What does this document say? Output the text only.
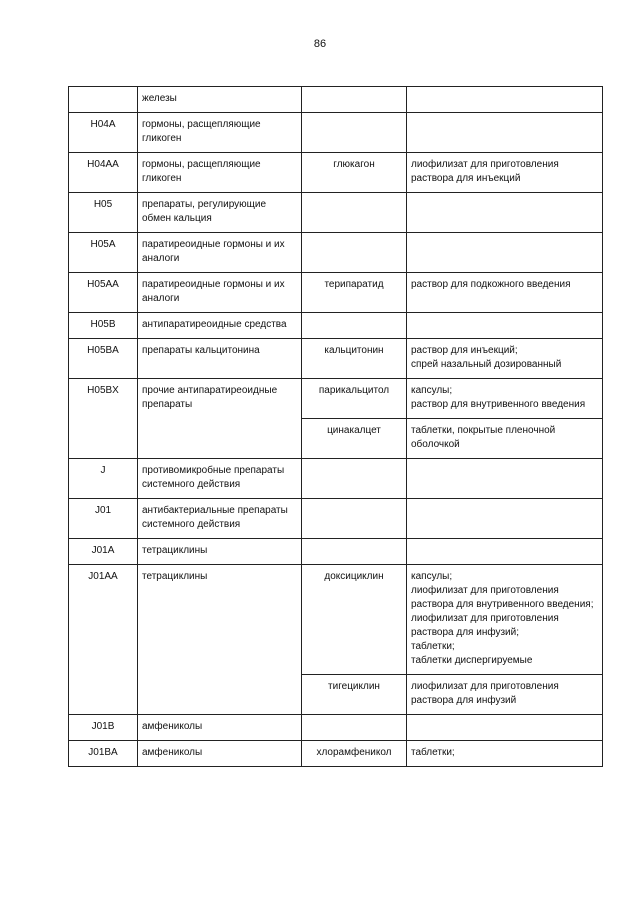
86
	железы		
H04A	гормоны, расщепляющие гликоген		
H04AA	гормоны, расщепляющие гликоген	глюкагон	лиофилизат для приготовления раствора для инъекций

H05	препараты, регулирующие обмен кальция		
H05A	паратиреоидные гормоны и их аналоги		
H05AA	паратиреоидные гормоны и их аналоги	терипаратид	раствор для подкожного введения

H05B	антипаратиреоидные средства		
H05BA	препараты кальцитонина	кальцитонин	раствор для инъекций;
спрей назальный дозированный

H05BX	прочие антипаратиреоидные препараты	парикальцитол	капсулы;
раствор для внутривенного введения

		цинакалцет	таблетки, покрытые пленочной оболочкой

J	противомикробные препараты системного действия		
J01	антибактериальные препараты системного действия		
J01A	тетрациклины		
J01AA	тетрациклины	доксициклин	капсулы;
лиофилизат для приготовления раствора для внутривенного введения;
лиофилизат для приготовления раствора для инфузий;
таблетки;
таблетки диспергируемые

		тигециклин	лиофилизат для приготовления раствора для инфузий

J01B	амфениколы		
J01BA	амфениколы	хлорамфеникол	таблетки;
